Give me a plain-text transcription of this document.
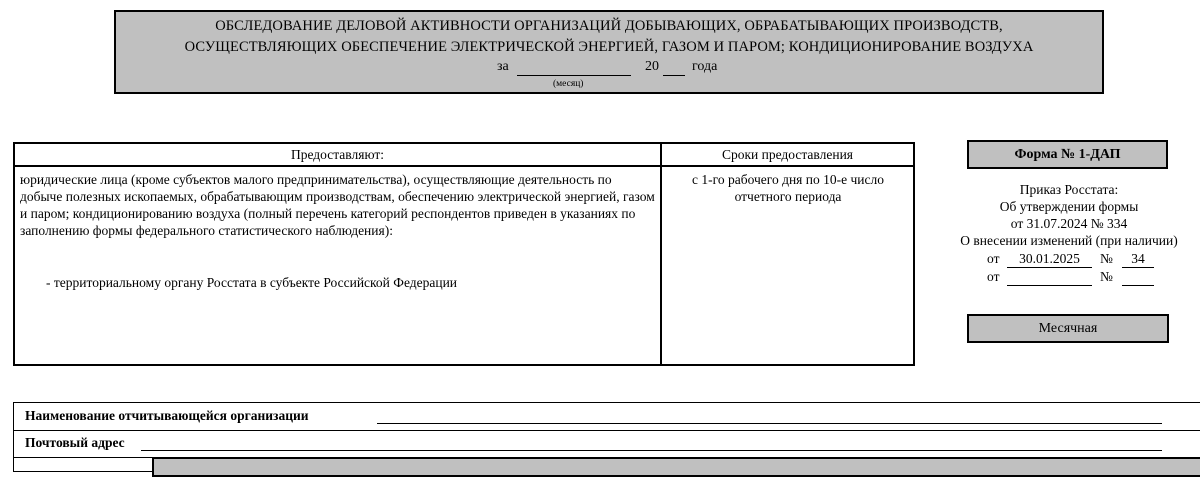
ОБСЛЕДОВАНИЕ ДЕЛОВОЙ АКТИВНОСТИ ОРГАНИЗАЦИЙ ДОБЫВАЮЩИХ, ОБРАБАТЫВАЮЩИХ ПРОИЗВОДСТВ,
ОСУЩЕСТВЛЯЮЩИХ ОБЕСПЕЧЕНИЕ ЭЛЕКТРИЧЕСКОЙ ЭНЕРГИЕЙ, ГАЗОМ И ПАРОМ; КОНДИЦИОНИРОВАНИЕ ВОЗДУХА
за	20 года
(месяц)
Предоставляют:	Сроки предоставления
юридические лица (кроме субъектов малого предпринимательства), осуществляющие деятельность по добыче полезных ископаемых, обрабатывающим производствам, обеспечению электрической энергией, газом и паром; кондиционированию воздуха (полный перечень категорий респондентов приведен в указаниях по заполнению формы федерального статистического наблюдения):
- территориальному органу Росстата в субъекте Российской Федерации
с 1-го рабочего дня по 10-е число отчетного периода
Форма № 1-ДАП
Приказ Росстата:
Об утверждении формы
от 31.07.2024 № 334
О внесении изменений (при наличии)
от	30.01.2025	№	34
от	№
Месячная
Наименование отчитывающейся организации
Почтовый адрес
